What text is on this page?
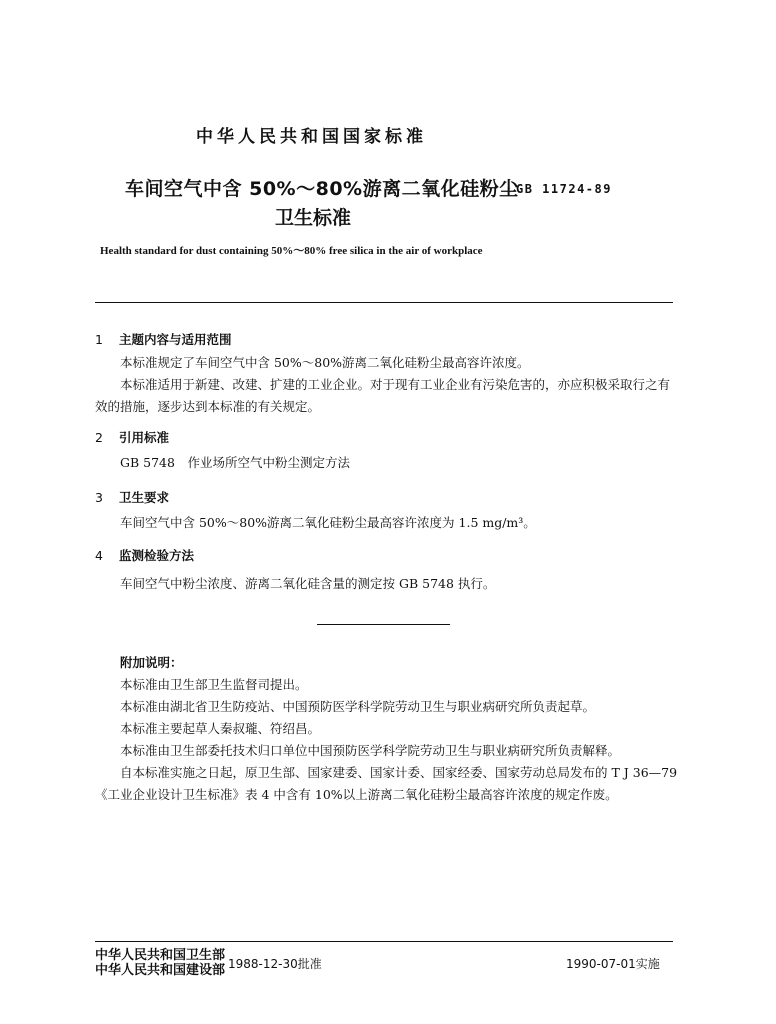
中华人民共和国国家标准
车间空气中含 50%～80%游离二氧化硅粉尘
GB 11724-89
卫生标准
Health standard for dust containing 50%～80% free silica in the air of workplace
1 主题内容与适用范围
本标准规定了车间空气中含 50%～80%游离二氧化硅粉尘最高容许浓度。
本标准适用于新建、改建、扩建的工业企业。对于现有工业企业有污染危害的，亦应积极采取行之有
效的措施，逐步达到本标准的有关规定。
2 引用标准
GB 5748　作业场所空气中粉尘测定方法
3 卫生要求
车间空气中含 50%～80%游离二氧化硅粉尘最高容许浓度为 1.5 mg/m³。
4 监测检验方法
车间空气中粉尘浓度、游离二氧化硅含量的测定按 GB 5748 执行。
附加说明：
本标准由卫生部卫生监督司提出。
本标准由湖北省卫生防疫站、中国预防医学科学院劳动卫生与职业病研究所负责起草。
本标准主要起草人秦叔瓏、符绍昌。
本标准由卫生部委托技术归口单位中国预防医学科学院劳动卫生与职业病研究所负责解释。
自本标准实施之日起，原卫生部、国家建委、国家计委、国家经委、国家劳动总局发布的 T J 36—79
《工业企业设计卫生标准》表 4 中含有 10%以上游离二氧化硅粉尘最高容许浓度的规定作废。
中华人民共和国卫生部
中华人民共和国建设部 1988-12-30批准	1990-07-01实施
